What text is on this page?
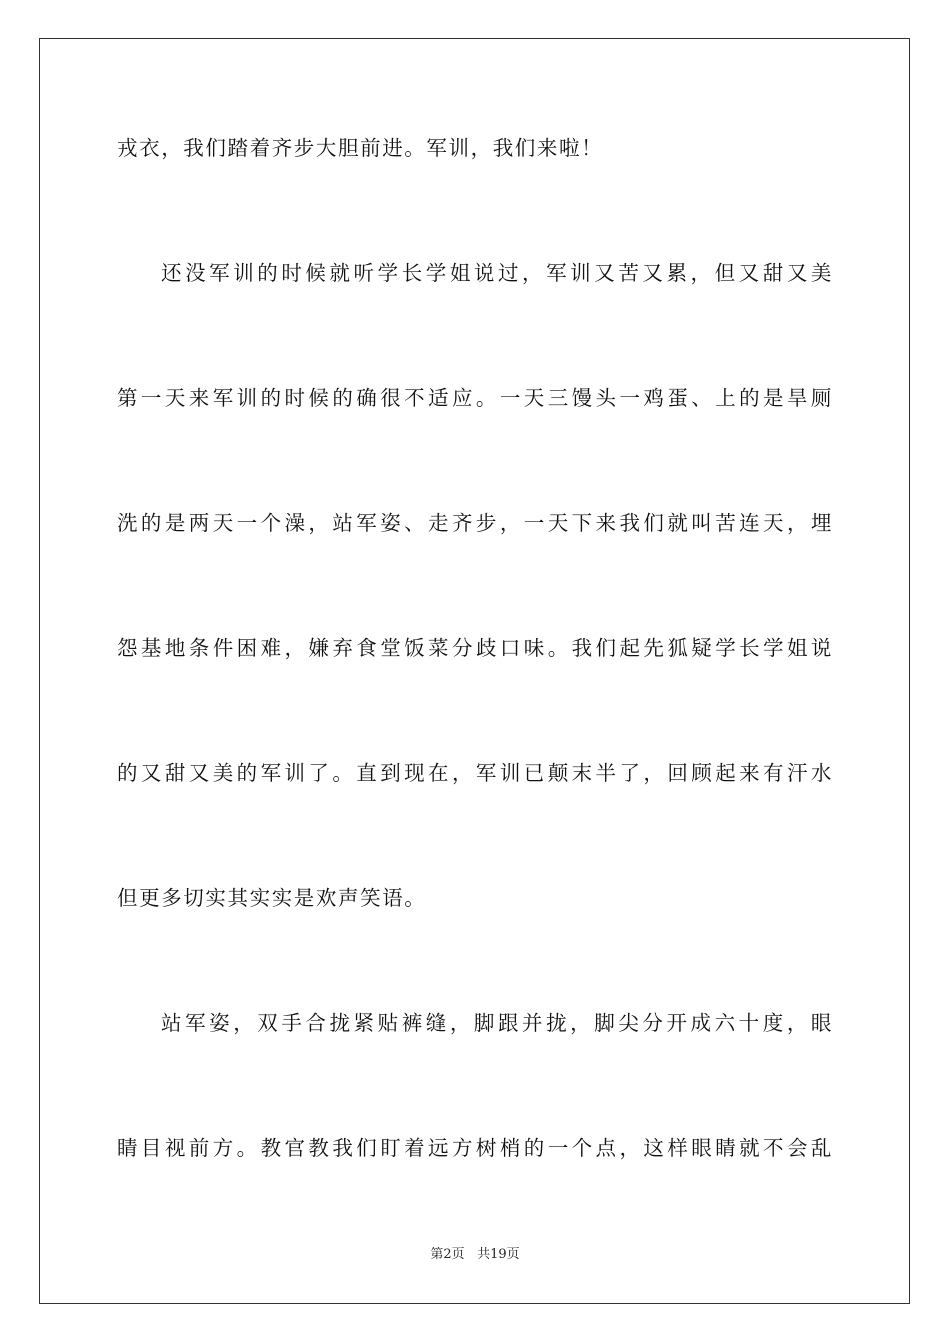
戎衣，我们踏着齐步大胆前进。军训，我们来啦！
还没军训的时候就听学长学姐说过，军训又苦又累，但又甜又美
第一天来军训的时候的确很不适应。一天三馒头一鸡蛋、上的是旱厕
洗的是两天一个澡，站军姿、走齐步，一天下来我们就叫苦连天，埋
怨基地条件困难，嫌弃食堂饭菜分歧口味。我们起先狐疑学长学姐说
的又甜又美的军训了。直到现在，军训已颠末半了，回顾起来有汗水
但更多切实其实实是欢声笑语。
站军姿，双手合拢紧贴裤缝，脚跟并拢，脚尖分开成六十度，眼
睛目视前方。教官教我们盯着远方树梢的一个点，这样眼睛就不会乱
第2页 共19页
